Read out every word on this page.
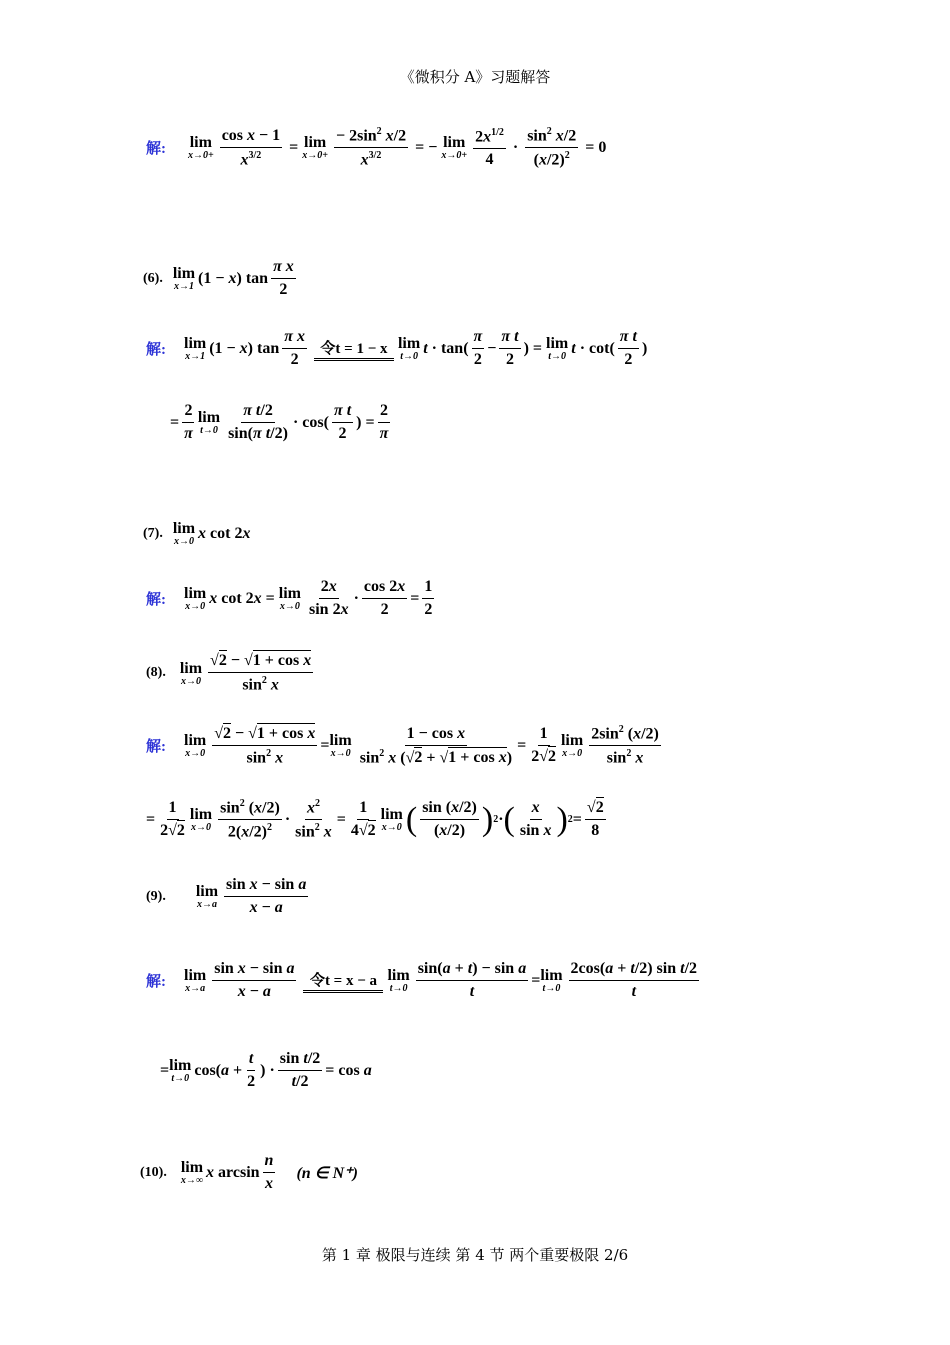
《微积分 A》习题解答
解: lim
$x\to 0+ \frac{\text{cos x − 1}}{x^{3/2}} = \lim$
$x\to 0+ \frac{- 2\sin^2 x/2}{x^{3/2}}$ = − lim
$x\to 0+ \frac{2x^{1/2}}{4} \cdot \frac{\sin^2 x/2}{(x/2)^2} = 0$
(6). lim
x→1 (1 − x) $\tan \frac{\text{π x}}{2}$
解: lim
x→1 (1 − x) $\tan \frac{\text{π x}}{2}$ 令t = 1 − x lim
t→0 $t \cdot \tan( \frac{\pi}{2} - \frac{\text{π t}}{2}$ ) = lim
t→0 $t \cdot \cot( \frac{\text{π t}}{2}$ )
= $\frac{2}{\pi}$ lim
$t\to 0 \frac{\text{π t/2}}{\text{sin(π t/2)}} \cdot \cos( \frac{\text{π t}}{2}$ ) = $\frac{2}{\pi}$
(7). lim
x→0 x cot 2x
解: lim
x→0 x cot 2x = lim
$x\to 0 \frac{2x}{\sin 2x} \cdot \frac{\cos 2x}{2} = \frac{1}{2}$
(8). lim
$x\to 0 \frac{\text{√2 − √1 + cos x}}{\sin^2 x}$
解: lim
$x\to 0 \frac{\text{√2 − √1 + cos x}}{\sin^2 x} = \lim$
$x\to 0 \frac{\text{1 − cos x}}{\sin^2 x (√2 + √1 + \cos x)} = \frac{1}{2√2}$ lim
$x\to 0 \frac{2\sin^2 (x/2)}{\sin^2 x}$
= $\frac{1}{2√2}$ lim
$x\to 0 \frac{\sin^2 (x/2)}{2(x/2)^2} \cdot \frac{x^2}{\sin^2 x} = \frac{1}{4√2}$ lim
x→0 ( $\frac{\sin (x/2)}{(x/2)}$ ) 2 · ( $\frac{x}{\text{sin x}}$ ) $2 = \frac{√2}{8}$
(9). lim
$x\to a \frac{\text{sin x − sin a}}{x - a}$
解: lim
$x\to a \frac{\text{sin x − sin a}}{x - a}$ 令t = x − a lim
$t\to 0 \frac{\text{sin(a + t) − sin a}}{t} = \lim$
$t\to 0 \frac{\text{2cos(a + t/2) sin t/2}}{t}$
= lim
t→0 $\cos(a + \frac{t}{2}$ ) · $\frac{\text{sin t/2}}{t/2} = \cos a$
(10). lim
x→∞ x $\arcsin \frac{n}{x} (n$ ∈ N⁺)
第 1 章 极限与连续 第 4 节 两个重要极限 2/6
